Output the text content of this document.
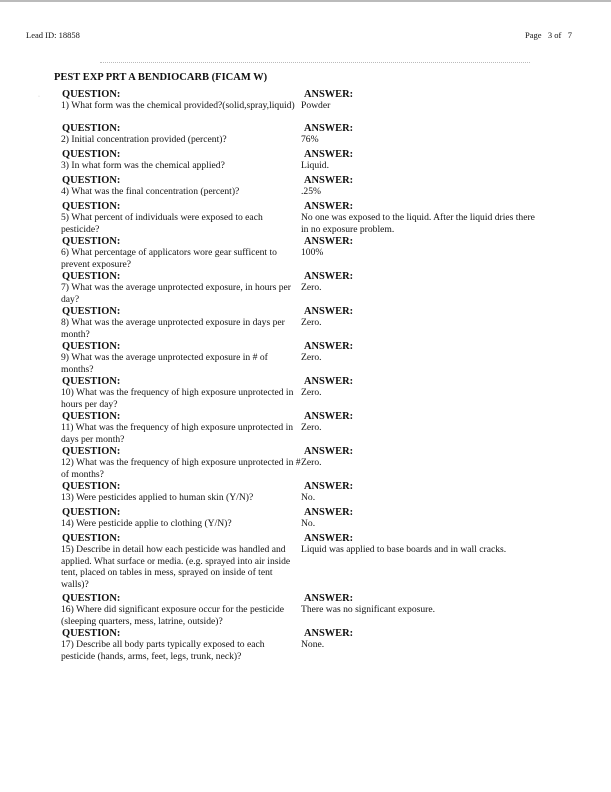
Lead ID: 18858	Page   3 of   7
PEST EXP PRT A BENDIOCARB (FICAM W)
· QUESTION:	ANSWER:
1) What form was the chemical provided?(solid,spray,liquid) Powder
QUESTION:	ANSWER:
2) Initial concentration provided (percent)?	76%
QUESTION:	ANSWER:
3) In what form was the chemical applied?	Liquid.
QUESTION:	ANSWER:
4) What was the final concentration (percent)?	.25%
QUESTION:	ANSWER:
5) What percent of individuals were exposed to each pesticide?
No one was exposed to the liquid. After the liquid dries there in no exposure problem.
QUESTION:	ANSWER:
6) What percentage of applicators wore gear sufficent to prevent exposure?
100%
QUESTION:	ANSWER:
7) What was the average unprotected exposure, in hours per day?
Zero.
QUESTION:	ANSWER:
8) What was the average unprotected exposure in days per month?
Zero.
QUESTION:	ANSWER:
9) What was the average unprotected exposure in # of months?
Zero.
QUESTION:	ANSWER:
10) What was the frequency of high exposure unprotected in hours per day?
Zero.
QUESTION:	ANSWER:
11) What was the frequency of high exposure unprotected in days per month?
Zero.
QUESTION:	ANSWER:
12) What was the frequency of high exposure unprotected in # of months?
Zero.
QUESTION:	ANSWER:
13) Were pesticides applied to human skin (Y/N)?	No.
QUESTION:	ANSWER:
14) Were pesticide applie to clothing (Y/N)?	No.
QUESTION:	ANSWER:
15) Describe in detail how each pesticide was handled and applied. What surface or media. (e.g. sprayed into air inside tent, placed on tables in mess, sprayed on inside of tent walls)?
Liquid was applied to base boards and in wall cracks.
QUESTION:	ANSWER:
16) Where did significant exposure occur for the pesticide (sleeping quarters, mess, latrine, outside)?
There was no significant exposure.
QUESTION:	ANSWER:
17) Describe all body parts typically exposed to each pesticide (hands, arms, feet, legs, trunk, neck)?
None.
